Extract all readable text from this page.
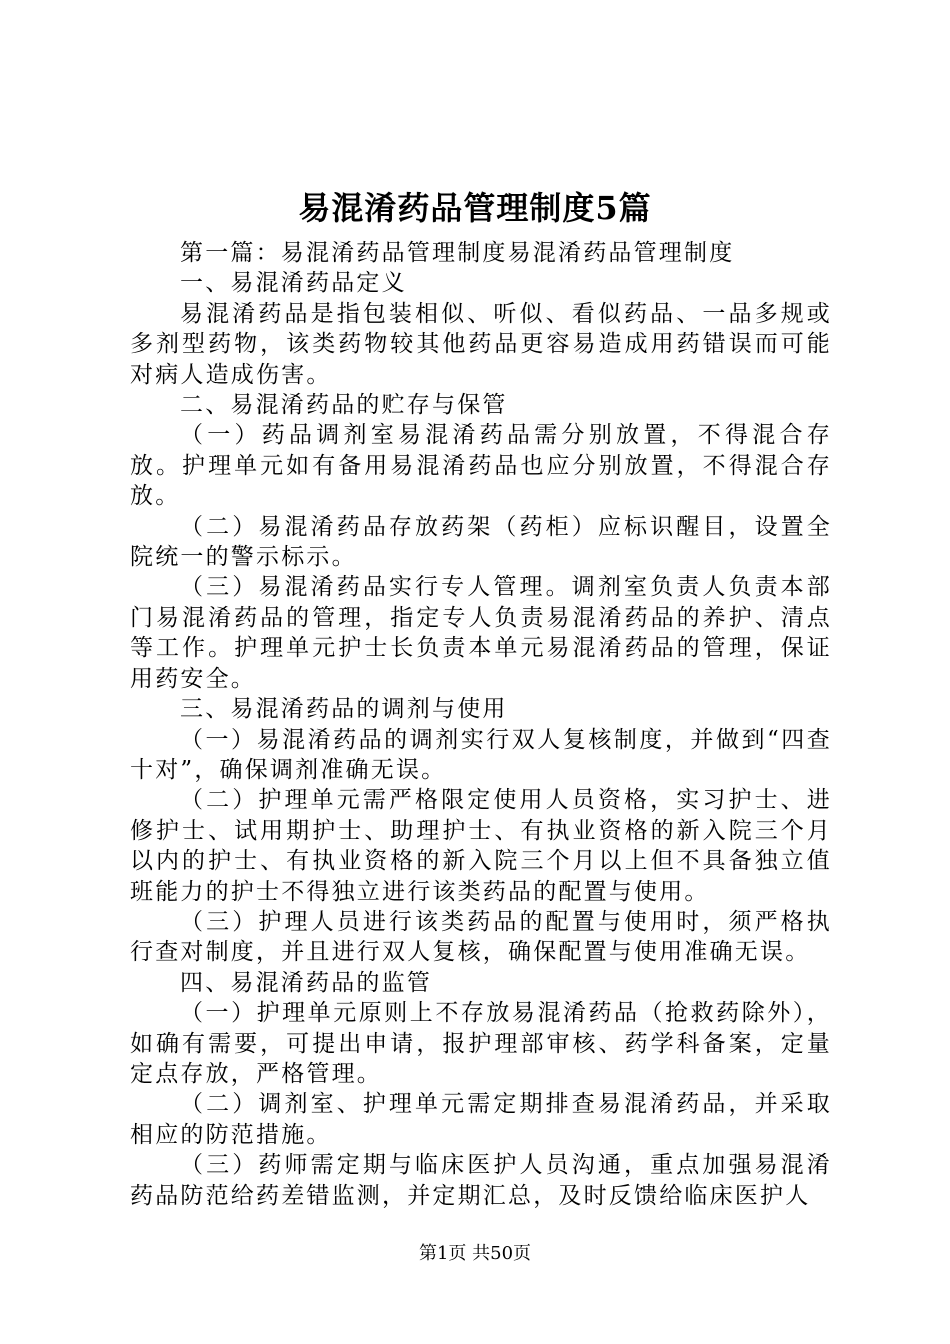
易混淆药品管理制度5篇

第一篇：易混淆药品管理制度易混淆药品管理制度

一、易混淆药品定义

易混淆药品是指包装相似、听似、看似药品、一品多规或多剂型药物，该类药物较其他药品更容易造成用药错误而可能对病人造成伤害。

二、易混淆药品的贮存与保管

（一）药品调剂室易混淆药品需分别放置，不得混合存放。护理单元如有备用易混淆药品也应分别放置，不得混合存放。

（二）易混淆药品存放药架（药柜）应标识醒目，设置全院统一的警示标示。

（三）易混淆药品实行专人管理。调剂室负责人负责本部门易混淆药品的管理，指定专人负责易混淆药品的养护、清点等工作。护理单元护士长负责本单元易混淆药品的管理，保证用药安全。

三、易混淆药品的调剂与使用

（一）易混淆药品的调剂实行双人复核制度，并做到“四查十对”，确保调剂准确无误。

（二）护理单元需严格限定使用人员资格，实习护士、进修护士、试用期护士、助理护士、有执业资格的新入院三个月以内的护士、有执业资格的新入院三个月以上但不具备独立值班能力的护士不得独立进行该类药品的配置与使用。

（三）护理人员进行该类药品的配置与使用时，须严格执行查对制度，并且进行双人复核，确保配置与使用准确无误。

四、易混淆药品的监管

（一）护理单元原则上不存放易混淆药品（抢救药除外），如确有需要，可提出申请，报护理部审核、药学科备案，定量定点存放，严格管理。

（二）调剂室、护理单元需定期排查易混淆药品，并采取相应的防范措施。

（三）药师需定期与临床医护人员沟通，重点加强易混淆药品防范给药差错监测，并定期汇总，及时反馈给临床医护人

第1页 共50页
